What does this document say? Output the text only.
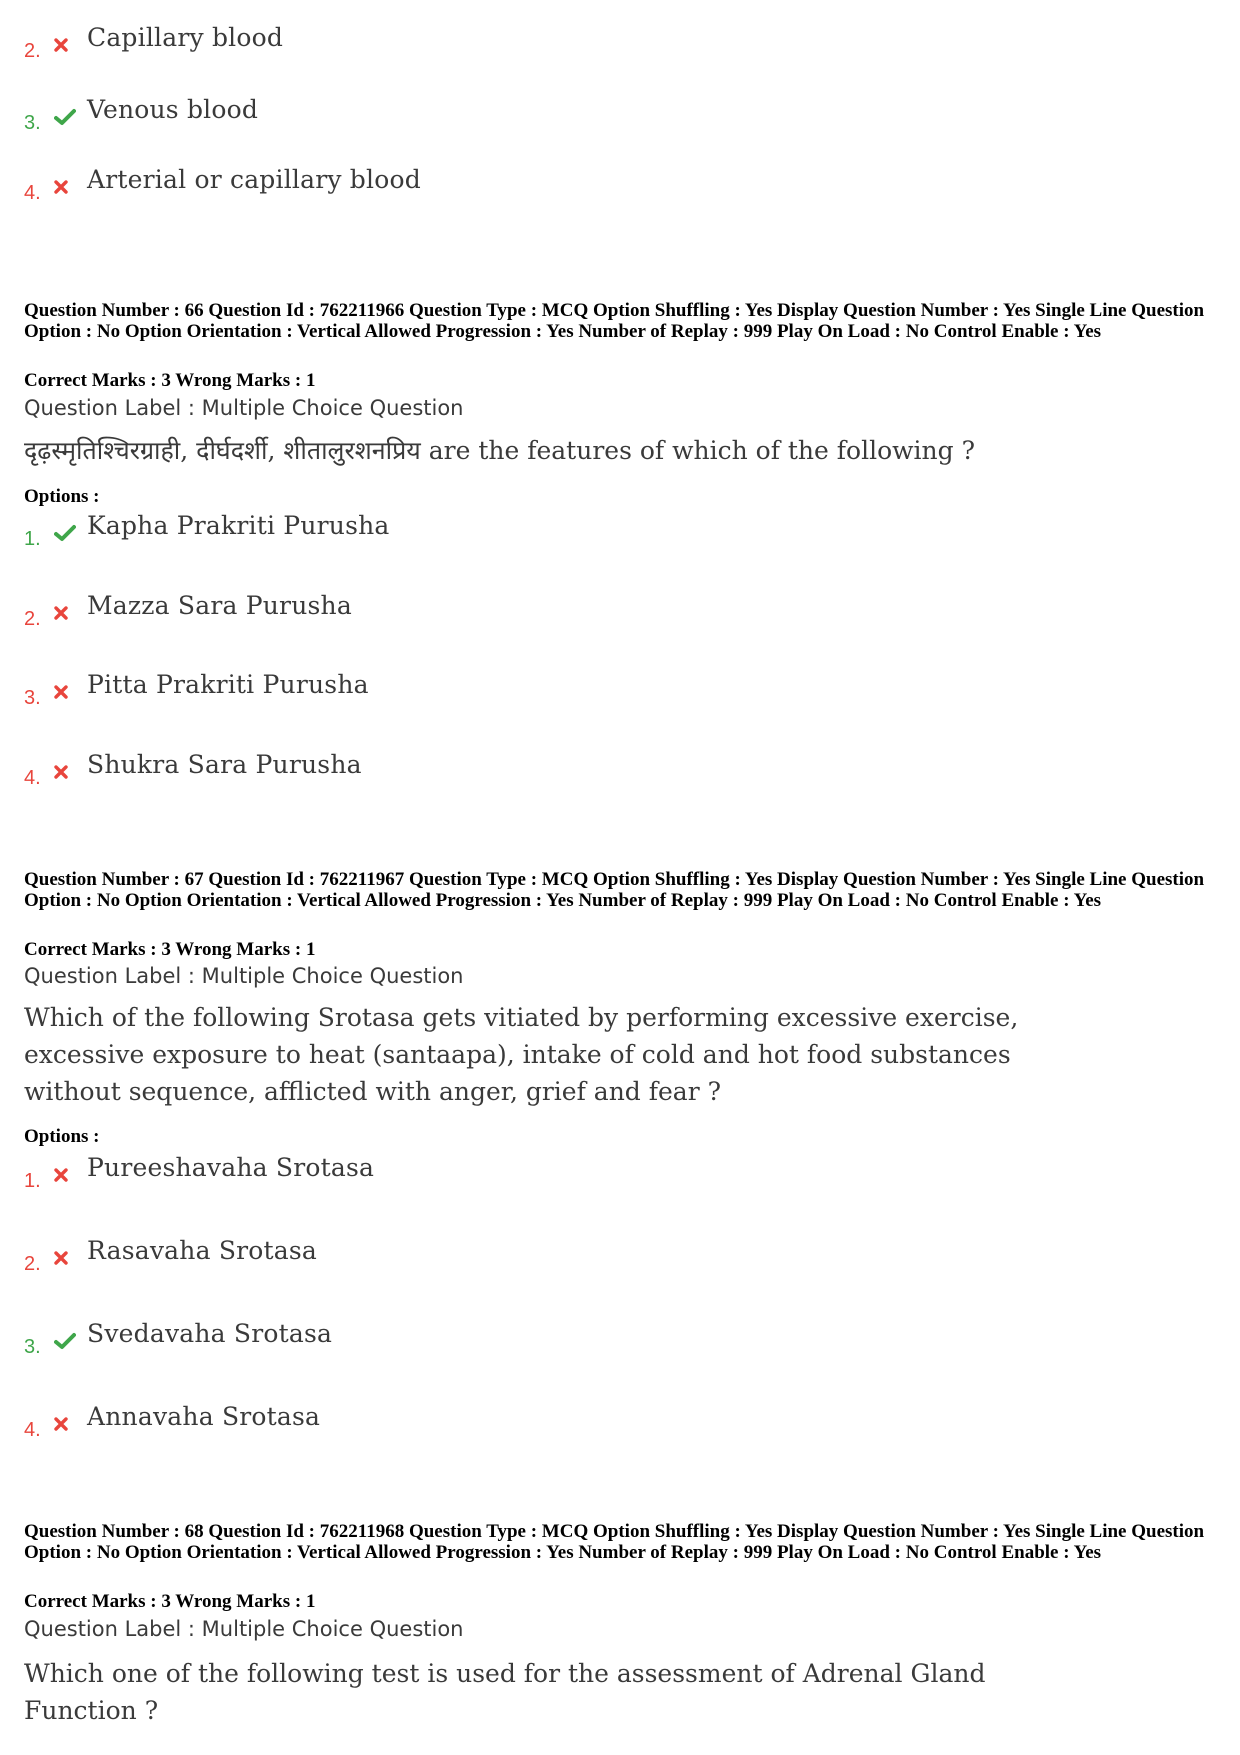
2. Capillary blood
3. Venous blood
4. Arterial or capillary blood
Question Number : 66 Question Id : 762211966 Question Type : MCQ Option Shuffling : Yes Display Question Number : Yes Single Line Question Option : No Option Orientation : Vertical Allowed Progression : Yes Number of Replay : 999 Play On Load : No Control Enable : Yes
Correct Marks : 3 Wrong Marks : 1
Question Label : Multiple Choice Question
दृढ़स्मृतिश्चिरग्राही, दीर्घदर्शी, शीतालुरशनप्रिय are the features of which of the following ?
Options :
1. Kapha Prakriti Purusha
2. Mazza Sara Purusha
3. Pitta Prakriti Purusha
4. Shukra Sara Purusha
Question Number : 67 Question Id : 762211967 Question Type : MCQ Option Shuffling : Yes Display Question Number : Yes Single Line Question Option : No Option Orientation : Vertical Allowed Progression : Yes Number of Replay : 999 Play On Load : No Control Enable : Yes
Correct Marks : 3 Wrong Marks : 1
Question Label : Multiple Choice Question
Which of the following Srotasa gets vitiated by performing excessive exercise,
excessive exposure to heat (santaapa), intake of cold and hot food substances
without sequence, afflicted with anger, grief and fear ?
Options :
1. Pureeshavaha Srotasa
2. Rasavaha Srotasa
3. Svedavaha Srotasa
4. Annavaha Srotasa
Question Number : 68 Question Id : 762211968 Question Type : MCQ Option Shuffling : Yes Display Question Number : Yes Single Line Question Option : No Option Orientation : Vertical Allowed Progression : Yes Number of Replay : 999 Play On Load : No Control Enable : Yes
Correct Marks : 3 Wrong Marks : 1
Question Label : Multiple Choice Question
Which one of the following test is used for the assessment of Adrenal Gland
Function ?
